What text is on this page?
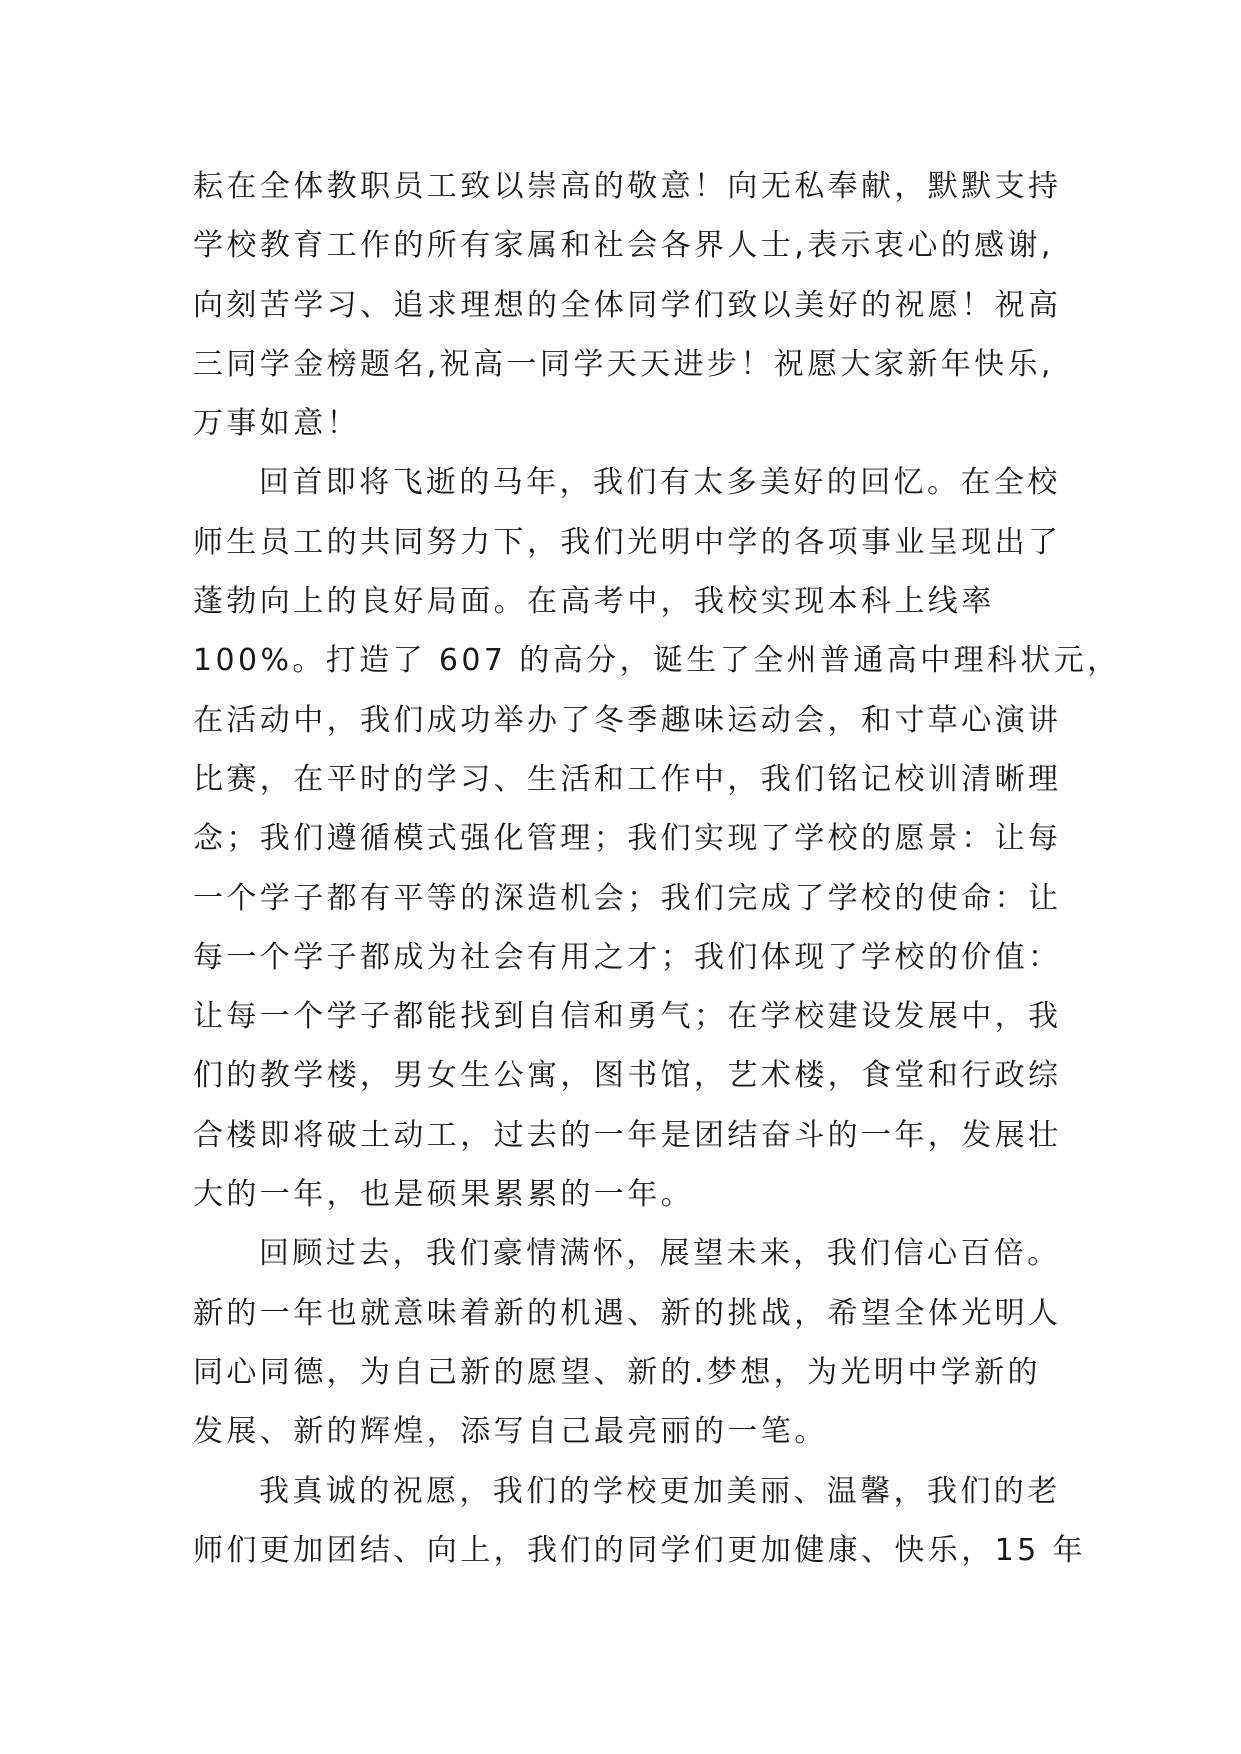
耘在全体教职员工致以崇高的敬意！向无私奉献，默默支持
学校教育工作的所有家属和社会各界人士,表示衷心的感谢,
向刻苦学习、追求理想的全体同学们致以美好的祝愿！祝高
三同学金榜题名,祝高一同学天天进步！祝愿大家新年快乐,
万事如意！
回首即将飞逝的马年，我们有太多美好的回忆。在全校
师生员工的共同努力下，我们光明中学的各项事业呈现出了
蓬勃向上的良好局面。在高考中，我校实现本科上线率
100%。打造了 607 的高分，诞生了全州普通高中理科状元，
在活动中，我们成功举办了冬季趣味运动会，和寸草心演讲
比赛，在平时的学习、生活和工作中，我们铭记校训清晰理
念；我们遵循模式强化管理；我们实现了学校的愿景：让每
一个学子都有平等的深造机会；我们完成了学校的使命：让
每一个学子都成为社会有用之才；我们体现了学校的价值：
让每一个学子都能找到自信和勇气；在学校建设发展中，我
们的教学楼，男女生公寓，图书馆，艺术楼，食堂和行政综
合楼即将破土动工，过去的一年是团结奋斗的一年，发展壮
大的一年，也是硕果累累的一年。
回顾过去，我们豪情满怀，展望未来，我们信心百倍。
新的一年也就意味着新的机遇、新的挑战，希望全体光明人
同心同德，为自己新的愿望、新的.梦想，为光明中学新的
发展、新的辉煌，添写自己最亮丽的一笔。
我真诚的祝愿，我们的学校更加美丽、温馨，我们的老
师们更加团结、向上，我们的同学们更加健康、快乐，15 年
